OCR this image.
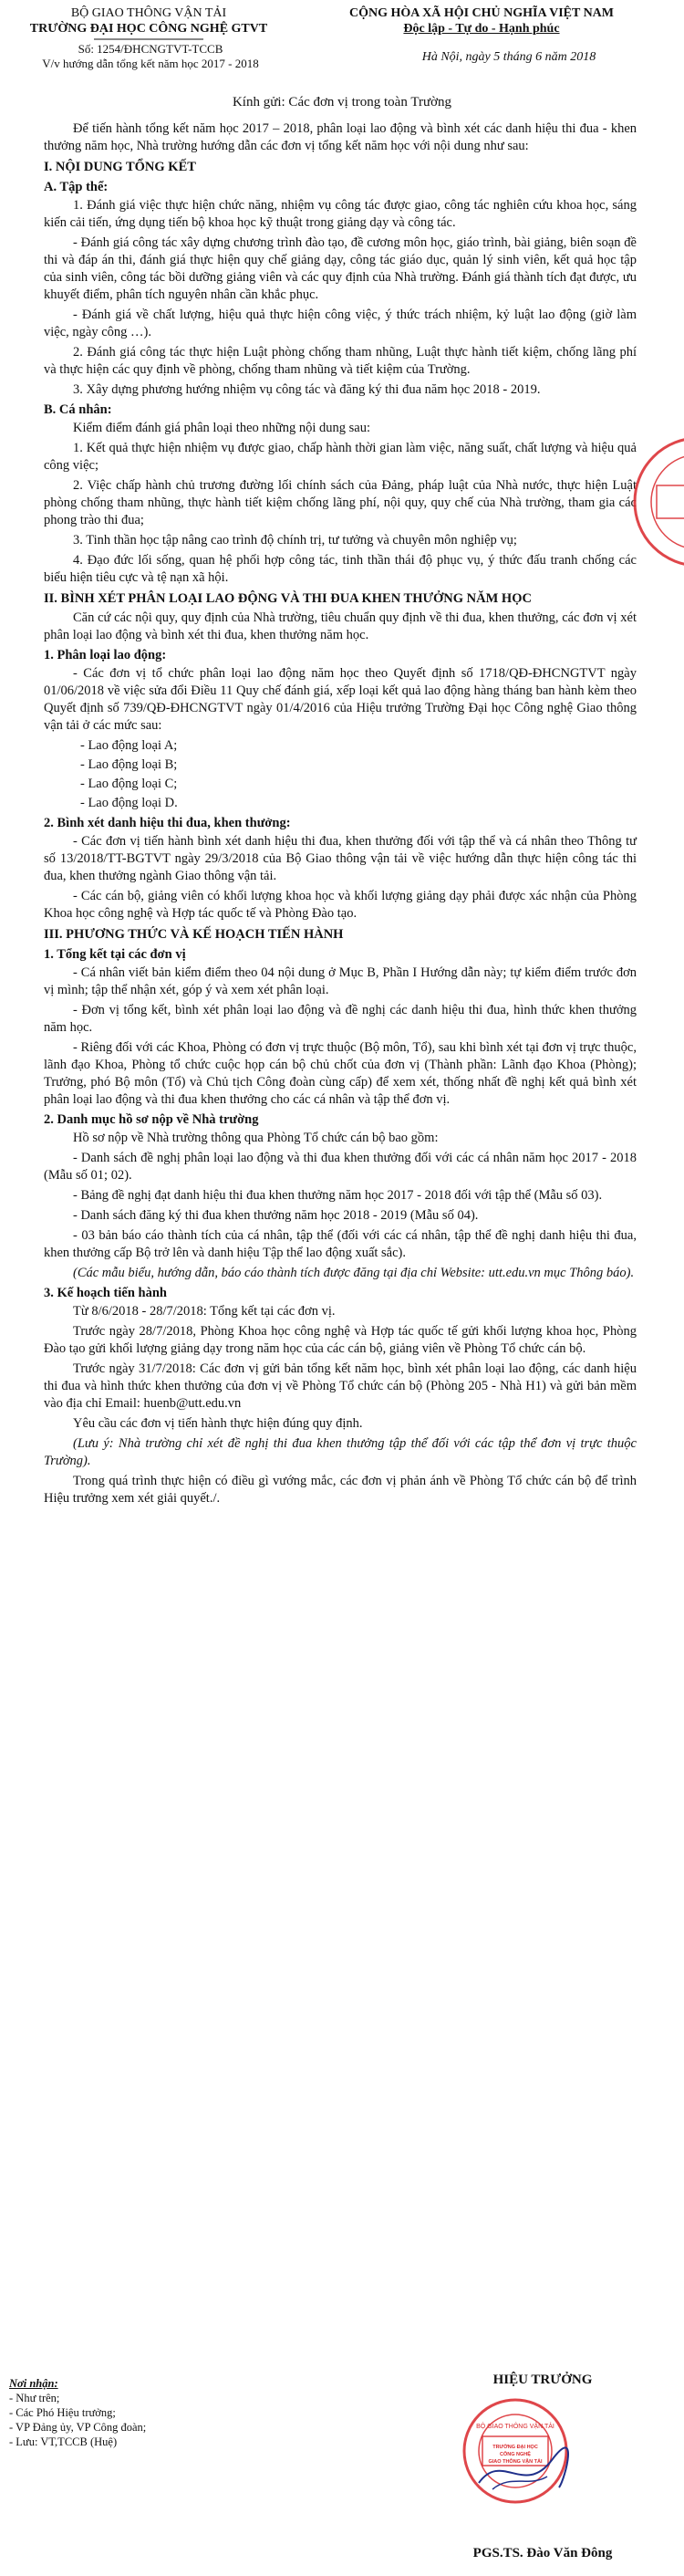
BỘ GIAO THÔNG VẬN TẢI
TRƯỜNG ĐẠI HỌC CÔNG NGHỆ GTVT
CỘNG HÒA XÃ HỘI CHỦ NGHĨA VIỆT NAM
Độc lập - Tự do - Hạnh phúc
Số: 1254/ĐHCNGTVT-TCCB
V/v hướng dẫn tổng kết năm học 2017 - 2018	Hà Nội, ngày 5 tháng 6 năm 2018
Kính gửi: Các đơn vị trong toàn Trường

Để tiến hành tổng kết năm học 2017 – 2018, phân loại lao động và bình xét các danh hiệu thi đua - khen thưởng năm học, Nhà trường hướng dẫn các đơn vị tổng kết năm học với nội dung như sau:

I. NỘI DUNG TỔNG KẾT
A. Tập thể:

1. Đánh giá việc thực hiện chức năng, nhiệm vụ công tác được giao, công tác nghiên cứu khoa học, sáng kiến cải tiến, ứng dụng tiến bộ khoa học kỹ thuật trong giảng dạy và công tác.

- Đánh giá công tác xây dựng chương trình đào tạo, đề cương môn học, giáo trình, bài giảng, biên soạn đề thi và đáp án thi, đánh giá thực hiện quy chế giảng dạy, công tác giáo dục, quản lý sinh viên, kết quả học tập của sinh viên, công tác bồi dưỡng giảng viên và các quy định của Nhà trường. Đánh giá thành tích đạt được, ưu khuyết điểm, phân tích nguyên nhân cần khắc phục.

- Đánh giá về chất lượng, hiệu quả thực hiện công việc, ý thức trách nhiệm, kỷ luật lao động (giờ làm việc, ngày công …).

2. Đánh giá công tác thực hiện Luật phòng chống tham nhũng, Luật thực hành tiết kiệm, chống lãng phí và thực hiện các quy định về phòng, chống tham nhũng và tiết kiệm của Trường.

3. Xây dựng phương hướng nhiệm vụ công tác và đăng ký thi đua năm học 2018 - 2019.

B. Cá nhân:

Kiểm điểm đánh giá phân loại theo những nội dung sau:

1. Kết quả thực hiện nhiệm vụ được giao, chấp hành thời gian làm việc, năng suất, chất lượng và hiệu quả công việc;

2. Việc chấp hành chủ trương đường lối chính sách của Đảng, pháp luật của Nhà nước, thực hiện Luật phòng chống tham nhũng, thực hành tiết kiệm chống lãng phí, nội quy, quy chế của Nhà trường, tham gia các phong trào thi đua;

3. Tinh thần học tập nâng cao trình độ chính trị, tư tưởng và chuyên môn nghiệp vụ;

4. Đạo đức lối sống, quan hệ phối hợp công tác, tinh thần thái độ phục vụ, ý thức đấu tranh chống các biểu hiện tiêu cực và tệ nạn xã hội.

II. BÌNH XÉT PHÂN LOẠI LAO ĐỘNG VÀ THI ĐUA KHEN THƯỞNG NĂM HỌC

Căn cứ các nội quy, quy định của Nhà trường, tiêu chuẩn quy định về thi đua, khen thưởng, các đơn vị xét phân loại lao động và bình xét thi đua, khen thưởng năm học.

1. Phân loại lao động:

- Các đơn vị tổ chức phân loại lao động năm học theo Quyết định số 1718/QĐ-ĐHCNGTVT ngày 01/06/2018 về việc sửa đổi Điều 11 Quy chế đánh giá, xếp loại kết quả lao động hàng tháng ban hành kèm theo Quyết định số 739/QĐ-ĐHCNGTVT ngày 01/4/2016 của Hiệu trưởng Trường Đại học Công nghệ Giao thông vận tải ở các mức sau:

- Lao động loại A;

- Lao động loại B;

- Lao động loại C;

- Lao động loại D.

2. Bình xét danh hiệu thi đua, khen thưởng:

- Các đơn vị tiến hành bình xét danh hiệu thi đua, khen thưởng đối với tập thể và cá nhân theo Thông tư số 13/2018/TT-BGTVT ngày 29/3/2018 của Bộ Giao thông vận tải về việc hướng dẫn thực hiện công tác thi đua, khen thưởng ngành Giao thông vận tải.

- Các cán bộ, giảng viên có khối lượng khoa học và khối lượng giảng dạy phải được xác nhận của Phòng Khoa học công nghệ và Hợp tác quốc tế và Phòng Đào tạo.

III. PHƯƠNG THỨC VÀ KẾ HOẠCH TIẾN HÀNH
1. Tổng kết tại các đơn vị

- Cá nhân viết bản kiểm điểm theo 04 nội dung ở Mục B, Phần I Hướng dẫn này; tự kiểm điểm trước đơn vị mình; tập thể nhận xét, góp ý và xem xét phân loại.

- Đơn vị tổng kết, bình xét phân loại lao động và đề nghị các danh hiệu thi đua, hình thức khen thưởng năm học.

- Riêng đối với các Khoa, Phòng có đơn vị trực thuộc (Bộ môn, Tổ), sau khi bình xét tại đơn vị trực thuộc, lãnh đạo Khoa, Phòng tổ chức cuộc họp cán bộ chủ chốt của đơn vị (Thành phần: Lãnh đạo Khoa (Phòng); Trưởng, phó Bộ môn (Tổ) và Chủ tịch Công đoàn cùng cấp) để xem xét, thống nhất đề nghị kết quả bình xét phân loại lao động và thi đua khen thưởng cho các cá nhân và tập thể đơn vị.

2. Danh mục hồ sơ nộp về Nhà trường

Hồ sơ nộp về Nhà trường thông qua Phòng Tổ chức cán bộ bao gồm:

- Danh sách đề nghị phân loại lao động và thi đua khen thưởng đối với các cá nhân năm học 2017 - 2018 (Mẫu số 01; 02).

- Bảng đề nghị đạt danh hiệu thi đua khen thưởng năm học 2017 - 2018 đối với tập thể (Mẫu số 03).

- Danh sách đăng ký thi đua khen thưởng năm học 2018 - 2019 (Mẫu số 04).

- 03 bản báo cáo thành tích của cá nhân, tập thể (đối với các cá nhân, tập thể đề nghị danh hiệu thi đua, khen thưởng cấp Bộ trở lên và danh hiệu Tập thể lao động xuất sắc).

(Các mẫu biểu, hướng dẫn, báo cáo thành tích được đăng tại địa chỉ Website: utt.edu.vn mục Thông báo).

3. Kế hoạch tiến hành

Từ 8/6/2018 - 28/7/2018: Tổng kết tại các đơn vị.

Trước ngày 28/7/2018, Phòng Khoa học công nghệ và Hợp tác quốc tế gửi khối lượng khoa học, Phòng Đào tạo gửi khối lượng giảng dạy trong năm học của các cán bộ, giảng viên về Phòng Tổ chức cán bộ.

Trước ngày 31/7/2018: Các đơn vị gửi bản tổng kết năm học, bình xét phân loại lao động, các danh hiệu thi đua và hình thức khen thưởng của đơn vị về Phòng Tổ chức cán bộ (Phòng 205 - Nhà H1) và gửi bản mềm vào địa chỉ Email: huenb@utt.edu.vn

Yêu cầu các đơn vị tiến hành thực hiện đúng quy định.

(Lưu ý: Nhà trường chỉ xét đề nghị thi đua khen thưởng tập thể đối với các tập thể đơn vị trực thuộc Trường).

Trong quá trình thực hiện có điều gì vướng mắc, các đơn vị phản ánh về Phòng Tổ chức cán bộ để trình Hiệu trưởng xem xét giải quyết./.

Nơi nhận:
- Như trên;
- Các Phó Hiệu trưởng;
- VP Đảng ủy, VP Công đoàn;
- Lưu: VT,TCCB (Huệ)
HIỆU TRƯỞNG
BỘ GIAO THÔNG VẬN TẢI
TRƯỜNG ĐẠI HỌC
CÔNG NGHỆ
GIAO THÔNG VẬN TẢI
PGS.TS. Đào Văn Đông
